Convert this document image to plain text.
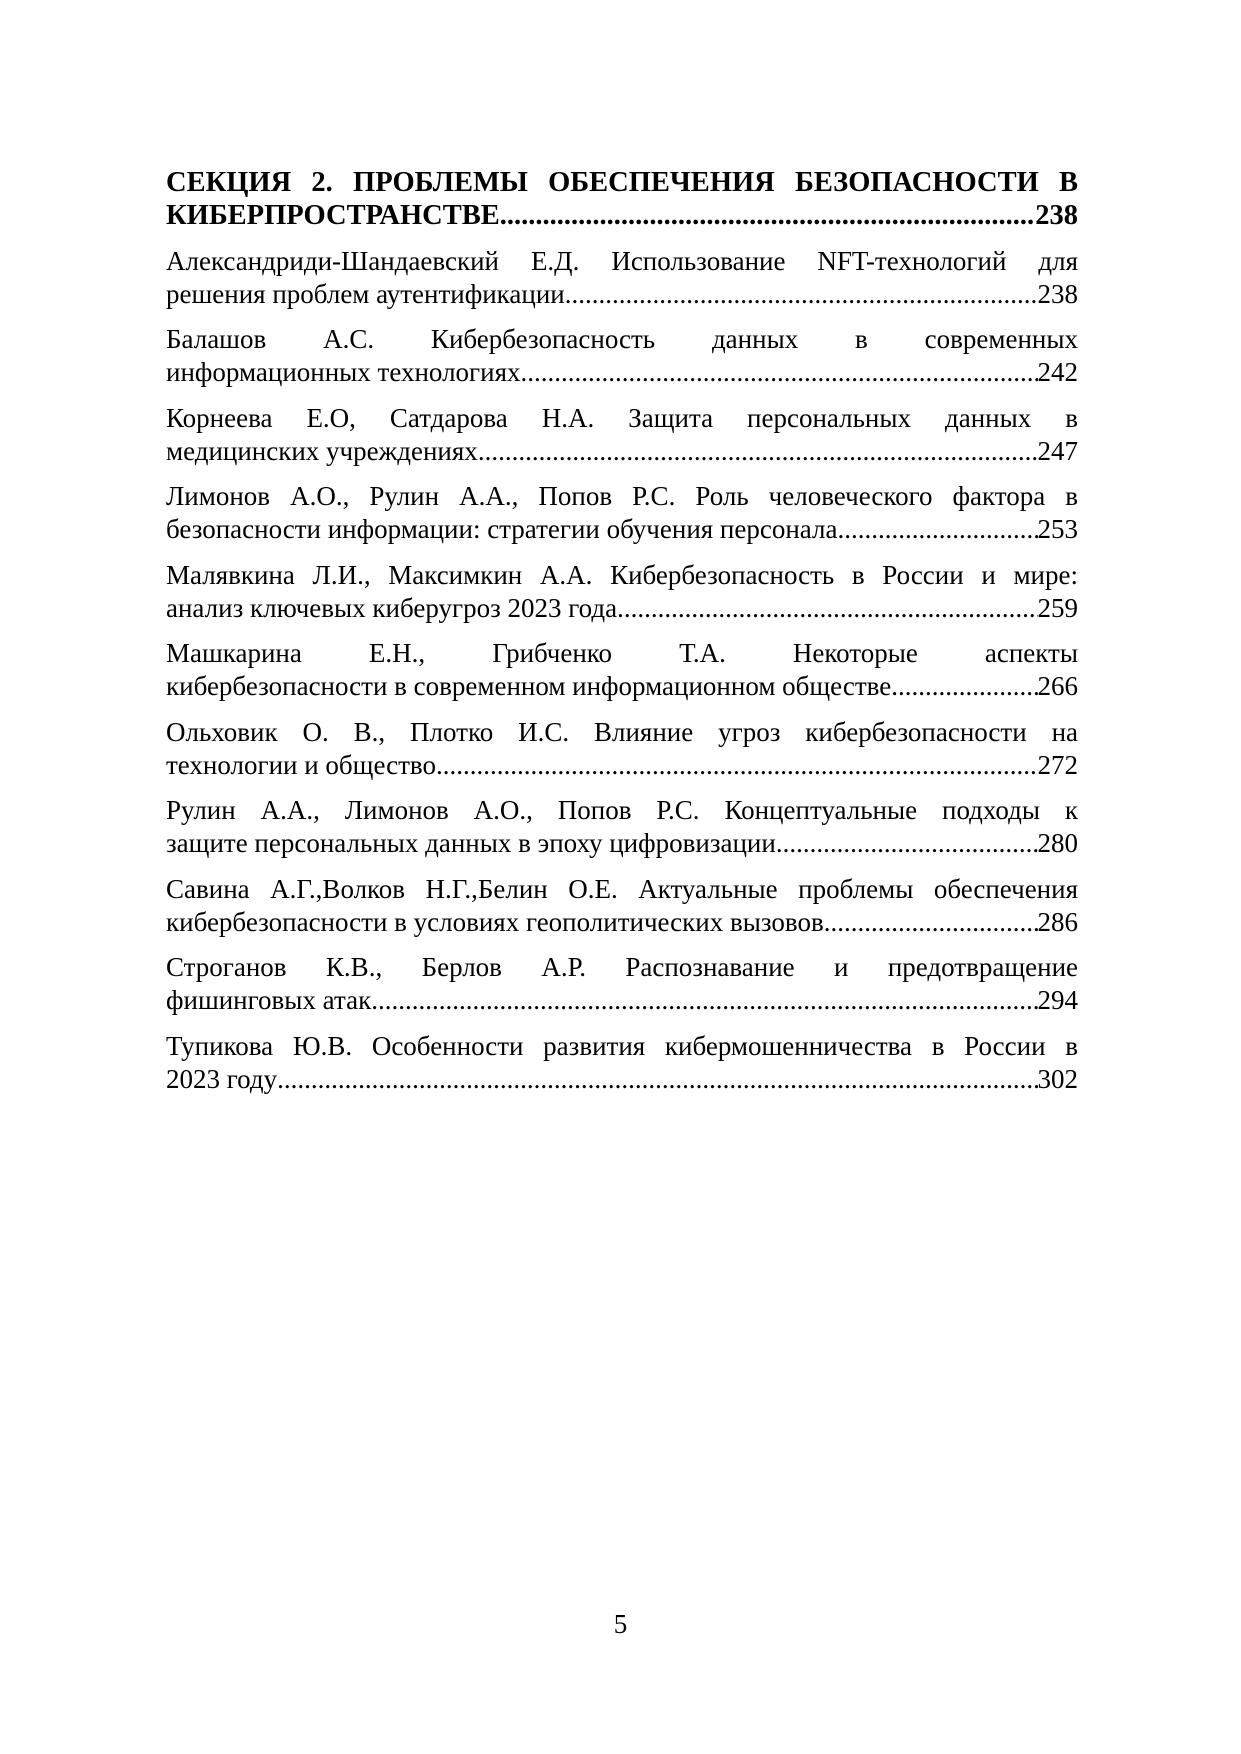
СЕКЦИЯ 2. ПРОБЛЕМЫ ОБЕСПЕЧЕНИЯ БЕЗОПАСНОСТИ В
КИБЕРПРОСТРАНСТВЕ .....	238
Александриди-Шандаевский Е.Д. Использование NFT-технологий для
решения проблем аутентификации .....	238
Балашов А.С. Кибербезопасность данных в современных
информационных технологиях .....	242
Корнеева Е.О, Сатдарова Н.А. Защита персональных данных в
медицинских учреждениях .....	247
Лимонов А.О., Рулин А.А., Попов Р.С. Роль человеческого фактора в
безопасности информации: стратегии обучения персонала .....	253
Малявкина Л.И., Максимкин А.А. Кибербезопасность в России и мире:
анализ ключевых киберугроз 2023 года .....	259
Машкарина Е.Н., Грибченко Т.А. Некоторые аспекты
кибербезопасности в современном информационном обществе .....	266
Ольховик О. В., Плотко И.С. Влияние угроз кибербезопасности на
технологии и общество .....	272
Рулин А.А., Лимонов А.О., Попов Р.С. Концептуальные подходы к
защите персональных данных в эпоху цифровизации .....	280
Савина А.Г.,Волков Н.Г.,Белин О.Е. Актуальные проблемы обеспечения
кибербезопасности в условиях геополитических вызовов .....	286
Строганов К.В., Берлов А.Р. Распознавание и предотвращение
фишинговых атак .....	294
Тупикова Ю.В. Особенности развития кибермошенничества в России в
2023 году .....	302
5
